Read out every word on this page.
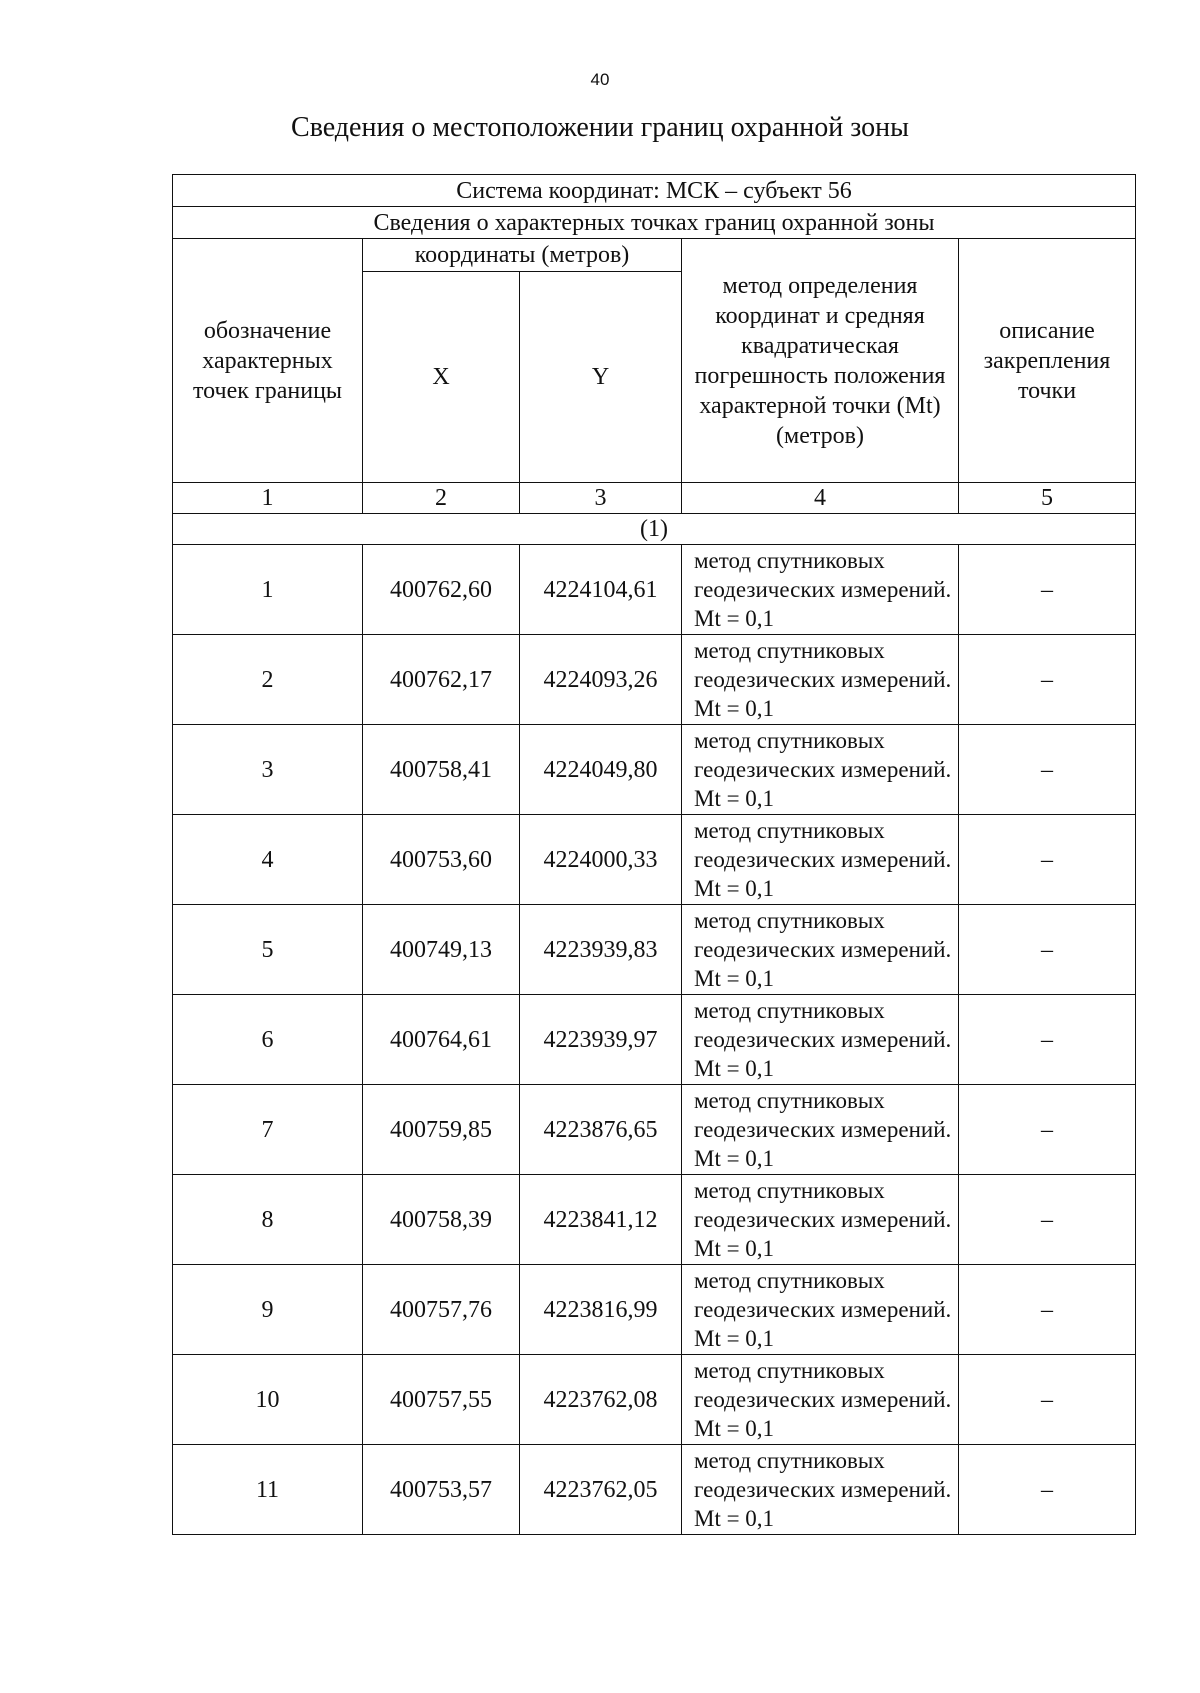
40
Сведения о местоположении границ охранной зоны
Система координат: МСК – субъект 56				
Сведения о характерных точках границ охранной зоны				
обозначение характерных точек границы	координаты (метров)		метод определения координат и средняя квадратическая погрешность положения характерной точки (Mt) (метров)	описание закрепления точки
	X	Y		
1	2	3	4	5
(1)				
1	400762,60	4224104,61	метод спутниковых геодезических измерений. Mt = 0,1	–
2	400762,17	4224093,26	метод спутниковых геодезических измерений. Mt = 0,1	–
3	400758,41	4224049,80	метод спутниковых геодезических измерений. Mt = 0,1	–
4	400753,60	4224000,33	метод спутниковых геодезических измерений. Mt = 0,1	–
5	400749,13	4223939,83	метод спутниковых геодезических измерений. Mt = 0,1	–
6	400764,61	4223939,97	метод спутниковых геодезических измерений. Mt = 0,1	–
7	400759,85	4223876,65	метод спутниковых геодезических измерений. Mt = 0,1	–
8	400758,39	4223841,12	метод спутниковых геодезических измерений. Mt = 0,1	–
9	400757,76	4223816,99	метод спутниковых геодезических измерений. Mt = 0,1	–
10	400757,55	4223762,08	метод спутниковых геодезических измерений. Mt = 0,1	–
11	400753,57	4223762,05	метод спутниковых геодезических измерений. Mt = 0,1	–
